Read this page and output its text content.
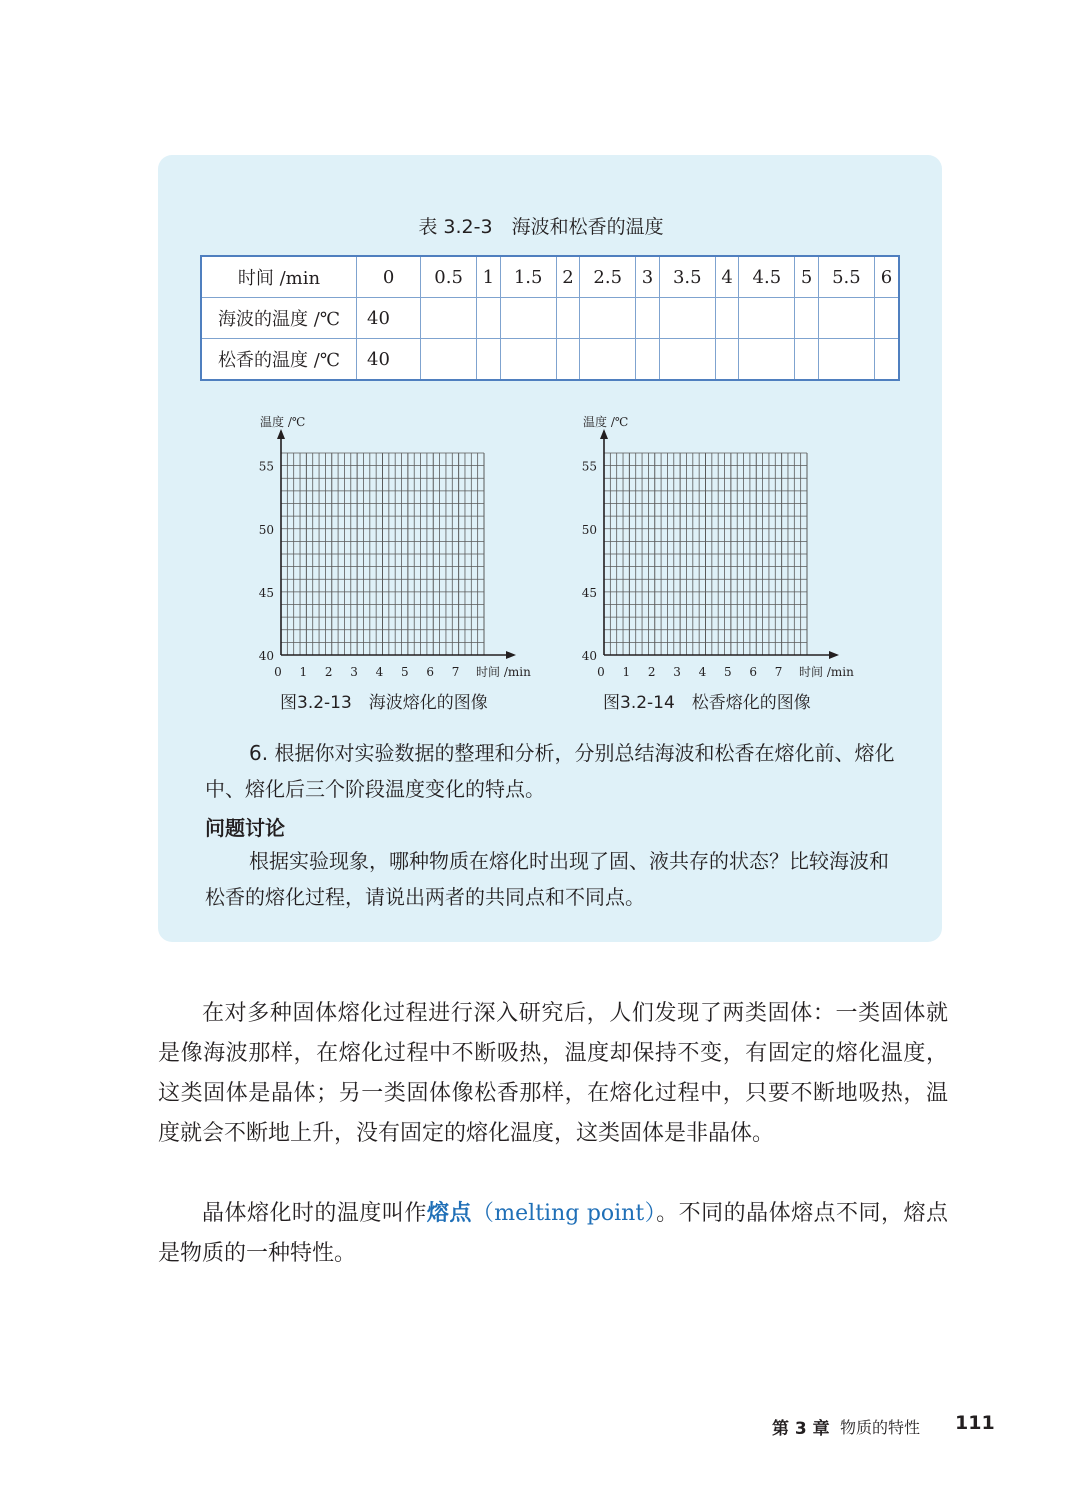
表 3.2-3　海波和松香的温度
时间 /min	0	0.5	1	1.5	2	2.5	3	3.5	4	4.5	5	5.5	6
海波的温度 /℃	40												
松香的温度 /℃	40												
40
45
50
55
0 1 2 3 4 5 6 7
温度 /℃
时间 /min
40
45
50
55
0 1 2 3 4 5 6 7
温度 /℃
时间 /min
图3.2-13　海波熔化的图像	图3.2-14　松香熔化的图像
6. 根据你对实验数据的整理和分析，分别总结海波和松香在熔化前、熔化中、熔化后三个阶段温度变化的特点。
问题讨论
根据实验现象，哪种物质在熔化时出现了固、液共存的状态？比较海波和松香的熔化过程，请说出两者的共同点和不同点。
在对多种固体熔化过程进行深入研究后，人们发现了两类固体：一类固体就是像海波那样，在熔化过程中不断吸热，温度却保持不变，有固定的熔化温度，这类固体是晶体；另一类固体像松香那样，在熔化过程中，只要不断地吸热，温度就会不断地上升，没有固定的熔化温度，这类固体是非晶体。
晶体熔化时的温度叫作熔点（melting point）。不同的晶体熔点不同，熔点是物质的一种特性。
第 3 章 物质的特性 111
